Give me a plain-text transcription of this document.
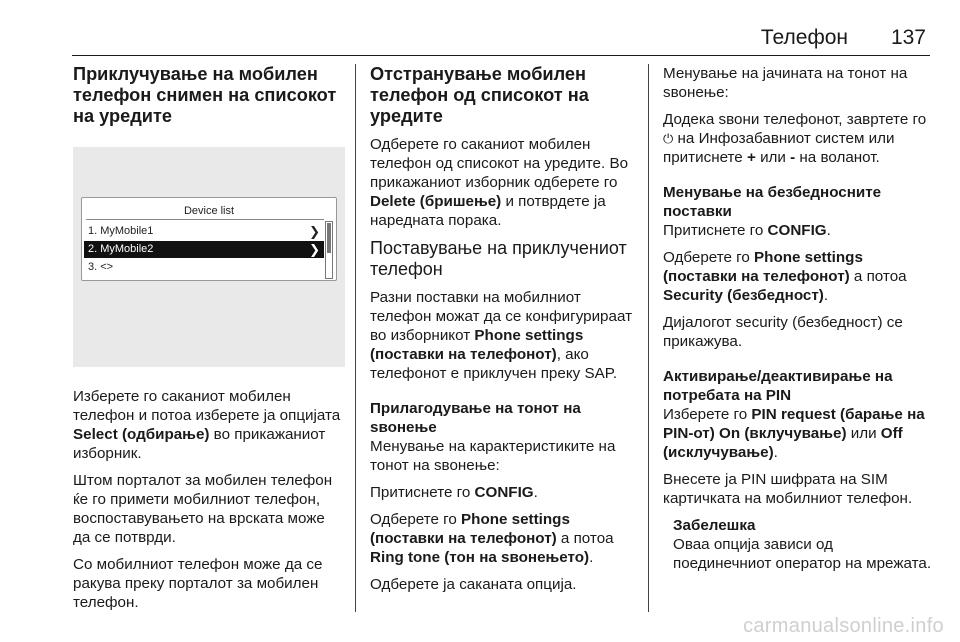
Телефон 137
Приклучување на мобилен телефон снимен на списокот на уредите
Device list
1. MyMobile1	❯
2. MyMobile2	❯
3. <>

Изберете го саканиот мобилен телефон и потоа изберете ја опцијата Select (одбирање) во прикажаниот изборник.

Штом порталот за мобилен телефон ќе го примети мобилниот телефон, воспоставувањето на врската може да се потврди.

Со мобилниот телефон може да се ракува преку порталот за мобилен телефон.

Отстранување мобилен телефон од списокот на уредите

Одберете го саканиот мобилен телефон од списокот на уредите. Во прикажаниот изборник одберете го Delete (бришење) и потврдете ја наредната порака.

Поставување на приклучениот телефон

Разни поставки на мобилниот телефон можат да се конфигурираат во изборникот Phone settings (поставки на телефонот), ако телефонот е приклучен преку SAP.

Прилагодување на тонот на ѕвонење

Менување на карактеристиките на тонот на ѕвонење:

Притиснете го CONFIG.

Одберете го Phone settings (поставки на телефонот) а потоа Ring tone (тон на ѕвонењето).

Одберете ја саканата опција.

Менување на јачината на тонот на ѕвонење:

Додека ѕвони телефонот, завртете го ⏻ на Инфозабавниот систем или притиснете + или - на воланот.

Менување на безбедносните поставки

Притиснете го CONFIG.

Одберете го Phone settings (поставки на телефонот) а потоа Security (безбедност).

Дијалогот security (безбедност) се прикажува.

Активирање/деактивирање на потребата на PIN

Изберете го PIN request (барање на PIN-от) On (вклучување) или Off (исклучување).

Внесете ја PIN шифрата на SIM картичката на мобилниот телефон.

Забелешка

Оваа опција зависи од поединечниот оператор на мрежата.

carmanualsonline.info
